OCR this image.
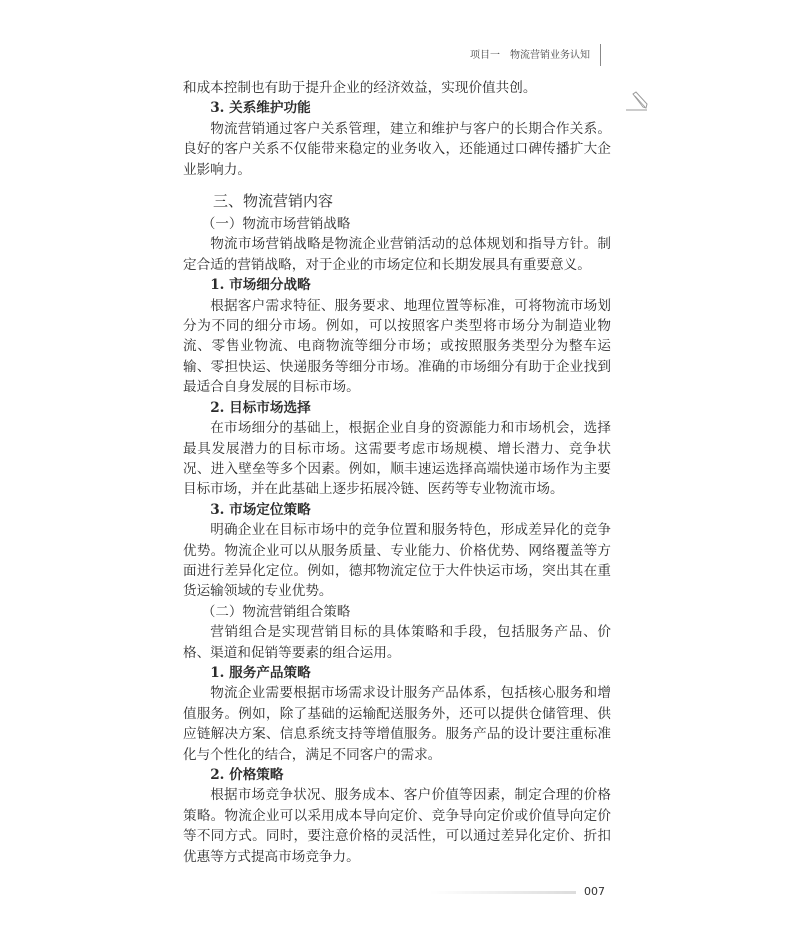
项目一　物流营销业务认知

和成本控制也有助于提升企业的经济效益，实现价值共创。

3. 关系维护功能

物流营销通过客户关系管理，建立和维护与客户的长期合作关系。良好的客户关系不仅能带来稳定的业务收入，还能通过口碑传播扩大企业影响力。

三、物流营销内容

（一）物流市场营销战略

物流市场营销战略是物流企业营销活动的总体规划和指导方针。制定合适的营销战略，对于企业的市场定位和长期发展具有重要意义。

1. 市场细分战略

根据客户需求特征、服务要求、地理位置等标准，可将物流市场划分为不同的细分市场。例如，可以按照客户类型将市场分为制造业物流、零售业物流、电商物流等细分市场；或按照服务类型分为整车运输、零担快运、快递服务等细分市场。准确的市场细分有助于企业找到最适合自身发展的目标市场。

2. 目标市场选择

在市场细分的基础上，根据企业自身的资源能力和市场机会，选择最具发展潜力的目标市场。这需要考虑市场规模、增长潜力、竞争状况、进入壁垒等多个因素。例如，顺丰速运选择高端快递市场作为主要目标市场，并在此基础上逐步拓展冷链、医药等专业物流市场。

3. 市场定位策略

明确企业在目标市场中的竞争位置和服务特色，形成差异化的竞争优势。物流企业可以从服务质量、专业能力、价格优势、网络覆盖等方面进行差异化定位。例如，德邦物流定位于大件快运市场，突出其在重货运输领域的专业优势。

（二）物流营销组合策略

营销组合是实现营销目标的具体策略和手段，包括服务产品、价格、渠道和促销等要素的组合运用。

1. 服务产品策略

物流企业需要根据市场需求设计服务产品体系，包括核心服务和增值服务。例如，除了基础的运输配送服务外，还可以提供仓储管理、供应链解决方案、信息系统支持等增值服务。服务产品的设计要注重标准化与个性化的结合，满足不同客户的需求。

2. 价格策略

根据市场竞争状况、服务成本、客户价值等因素，制定合理的价格策略。物流企业可以采用成本导向定价、竞争导向定价或价值导向定价等不同方式。同时，要注意价格的灵活性，可以通过差异化定价、折扣优惠等方式提高市场竞争力。

007
